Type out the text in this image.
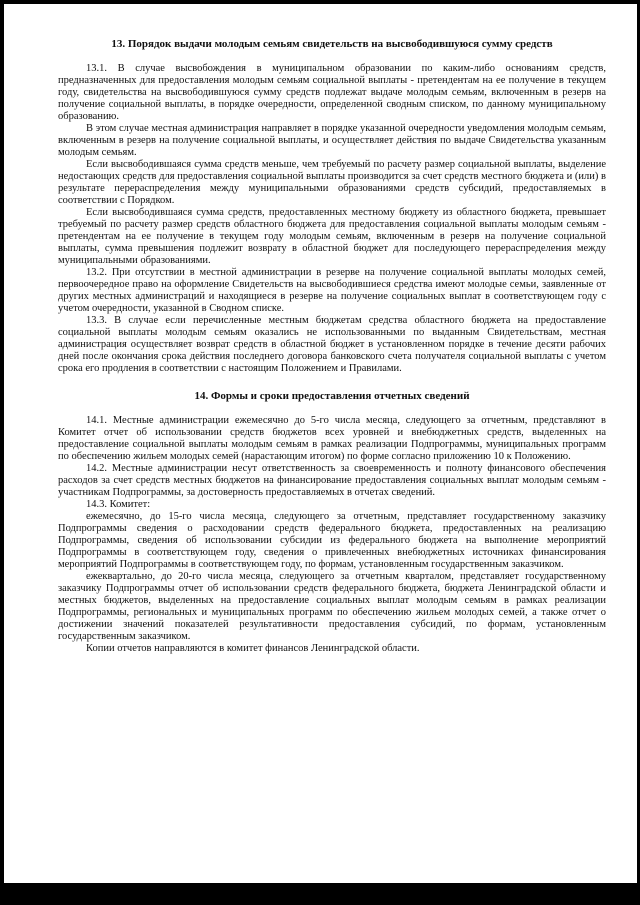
13. Порядок выдачи молодым семьям свидетельств на высвободившуюся сумму средств

13.1. В случае высвобождения в муниципальном образовании по каким-либо основаниям средств, предназначенных для предоставления молодым семьям социальной выплаты - претендентам на ее получение в текущем году, свидетельства на высвободившуюся сумму средств подлежат выдаче молодым семьям, включенным в резерв на получение социальной выплаты, в порядке очередности, определенной сводным списком, по данному муниципальному образованию.

В этом случае местная администрация направляет в порядке указанной очередности уведомления молодым семьям, включенным в резерв на получение социальной выплаты, и осуществляет действия по выдаче Свидетельства указанным молодым семьям.

Если высвободившаяся сумма средств меньше, чем требуемый по расчету размер социальной выплаты, выделение недостающих средств для предоставления социальной выплаты производится за счет средств местного бюджета и (или) в результате перераспределения между муниципальными образованиями средств субсидий, предоставляемых в соответствии с Порядком.

Если высвободившаяся сумма средств, предоставленных местному бюджету из областного бюджета, превышает требуемый по расчету размер средств областного бюджета для предоставления социальной выплаты молодым семьям - претендентам на ее получение в текущем году молодым семьям, включенным в резерв на получение социальной выплаты, сумма превышения подлежит возврату в областной бюджет для последующего перераспределения между муниципальными образованиями.

13.2. При отсутствии в местной администрации в резерве на получение социальной выплаты молодых семей, первоочередное право на оформление Свидетельств на высвободившиеся средства имеют молодые семьи, заявленные от других местных администраций и находящиеся в резерве на получение социальных выплат в соответствующем году с учетом очередности, указанной в Сводном списке.

13.3. В случае если перечисленные местным бюджетам средства областного бюджета на предоставление социальной выплаты молодым семьям оказались не использованными по выданным Свидетельствам, местная администрация осуществляет возврат средств в областной бюджет в установленном порядке в течение десяти рабочих дней после окончания срока действия последнего договора банковского счета получателя социальной выплаты с учетом срока его продления в соответствии с настоящим Положением и Правилами.

14. Формы и сроки предоставления отчетных сведений

14.1. Местные администрации ежемесячно до 5-го числа месяца, следующего за отчетным, представляют в Комитет отчет об использовании средств бюджетов всех уровней и внебюджетных средств, выделенных на предоставление социальной выплаты молодым семьям в рамках реализации Подпрограммы, муниципальных программ по обеспечению жильем молодых семей (нарастающим итогом) по форме согласно приложению 10 к Положению.

14.2. Местные администрации несут ответственность за своевременность и полноту финансового обеспечения расходов за счет средств местных бюджетов на финансирование предоставления социальных выплат молодым семьям - участникам Подпрограммы, за достоверность предоставляемых в отчетах сведений.

14.3. Комитет:

ежемесячно, до 15-го числа месяца, следующего за отчетным, представляет государственному заказчику Подпрограммы сведения о расходовании средств федерального бюджета, предоставленных на реализацию Подпрограммы, сведения об использовании субсидии из федерального бюджета на выполнение мероприятий Подпрограммы в соответствующем году, сведения о привлеченных внебюджетных источниках финансирования мероприятий Подпрограммы в соответствующем году, по формам, установленным государственным заказчиком.

ежеквартально, до 20-го числа месяца, следующего за отчетным кварталом, представляет государственному заказчику Подпрограммы отчет об использовании средств федерального бюджета, бюджета Ленинградской области и местных бюджетов, выделенных на предоставление социальных выплат молодым семьям в рамках реализации Подпрограммы, региональных и муниципальных программ по обеспечению жильем молодых семей, а также отчет о достижении значений показателей результативности предоставления субсидий, по формам, установленным государственным заказчиком.

Копии отчетов направляются в комитет финансов Ленинградской области.
